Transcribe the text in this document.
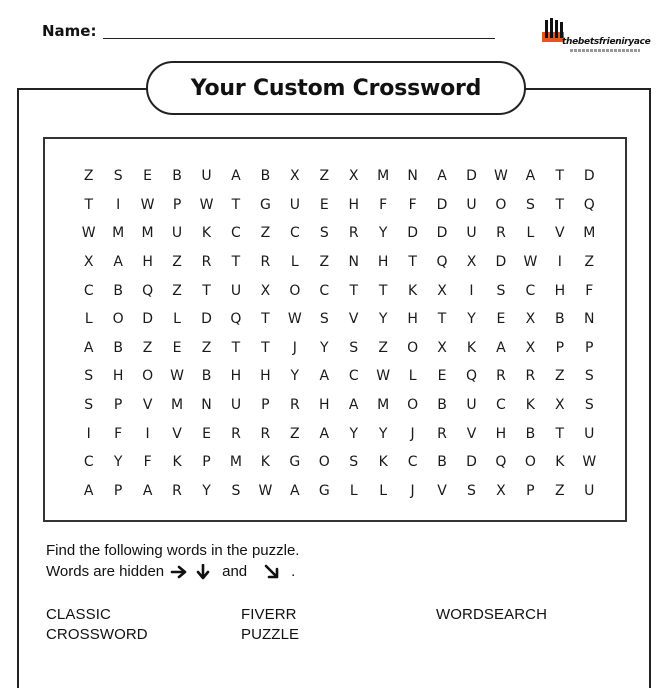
Name:
thebetsfrieniryace
Your Custom Crossword
Z	S	E	B	U	A	B	X	Z	X	M	N	A	D	W	A	T	D
T	I	W	P	W	T	G	U	E	H	F	F	D	U	O	S	T	Q
W	M	M	U	K	C	Z	C	S	R	Y	D	D	U	R	L	V	M
X	A	H	Z	R	T	R	L	Z	N	H	T	Q	X	D	W	I	Z
C	B	Q	Z	T	U	X	O	C	T	T	K	X	I	S	C	H	F
L	O	D	L	D	Q	T	W	S	V	Y	H	T	Y	E	X	B	N
A	B	Z	E	Z	T	T	J	Y	S	Z	O	X	K	A	X	P	P
S	H	O	W	B	H	H	Y	A	C	W	L	E	Q	R	R	Z	S
S	P	V	M	N	U	P	R	H	A	M	O	B	U	C	K	X	S
I	F	I	V	E	R	R	Z	A	Y	Y	J	R	V	H	B	T	U
C	Y	F	K	P	M	K	G	O	S	K	C	B	D	Q	O	K	W
A	P	A	R	Y	S	W	A	G	L	L	J	V	S	X	P	Z	U
Find the following words in the puzzle.
Words are hidden	and	.
CLASSIC	FIVERR	WORDSEARCH
CROSSWORD	PUZZLE
